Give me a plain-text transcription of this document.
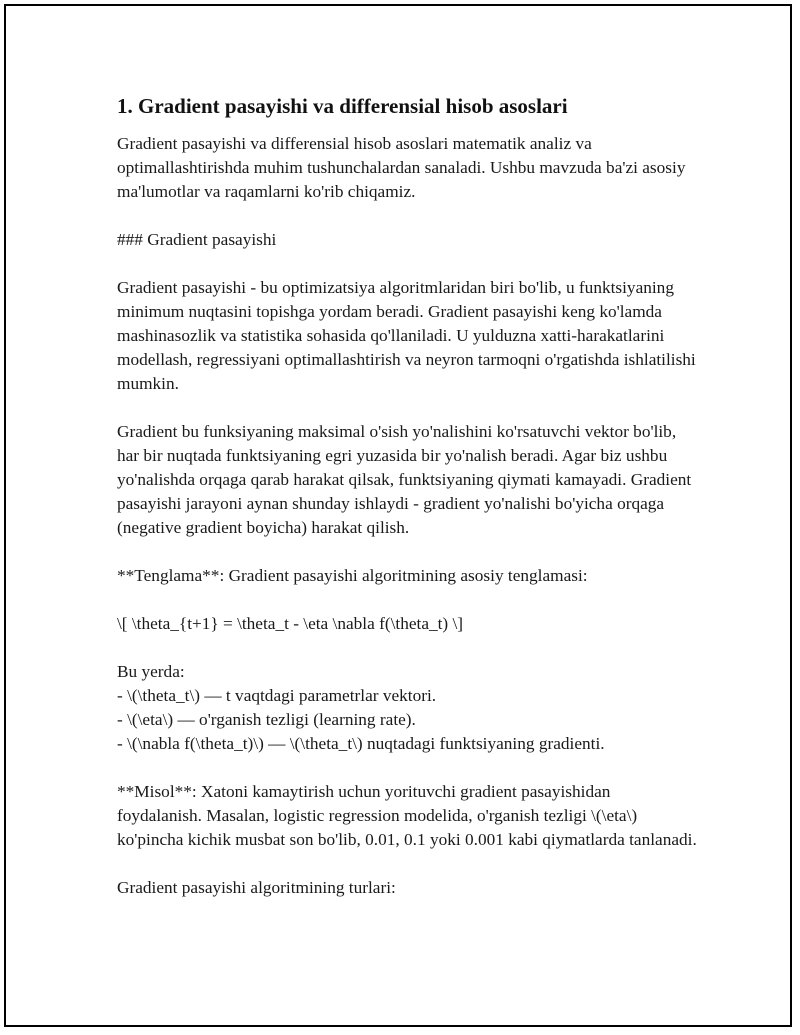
1. Gradient pasayishi va differensial hisob asoslari

Gradient pasayishi va differensial hisob asoslari matematik analiz va optimallashtirishda muhim tushunchalardan sanaladi. Ushbu mavzuda ba'zi asosiy ma'lumotlar va raqamlarni ko'rib chiqamiz.

### Gradient pasayishi

Gradient pasayishi - bu optimizatsiya algoritmlaridan biri bo'lib, u funktsiyaning minimum nuqtasini topishga yordam beradi. Gradient pasayishi keng ko'lamda mashinasozlik va statistika sohasida qo'llaniladi. U yulduzna xatti-harakatlarini modellash, regressiyani optimallashtirish va neyron tarmoqni o'rgatishda ishlatilishi mumkin.

Gradient bu funksiyaning maksimal o'sish yo'nalishini ko'rsatuvchi vektor bo'lib, har bir nuqtada funktsiyaning egri yuzasida bir yo'nalish beradi. Agar biz ushbu yo'nalishda orqaga qarab harakat qilsak, funktsiyaning qiymati kamayadi. Gradient pasayishi jarayoni aynan shunday ishlaydi - gradient yo'nalishi bo'yicha orqaga (negative gradient boyicha) harakat qilish.

**Tenglama**: Gradient pasayishi algoritmining asosiy tenglamasi:

\[ \theta_{t+1} = \theta_t - \eta \nabla f(\theta_t) \]

Bu yerda:
- \(\theta_t\) — t vaqtdagi parametrlar vektori.
- \(\eta\) — o'rganish tezligi (learning rate).
- \(\nabla f(\theta_t)\) — \(\theta_t\) nuqtadagi funktsiyaning gradienti.

**Misol**: Xatoni kamaytirish uchun yorituvchi gradient pasayishidan foydalanish. Masalan, logistic regression modelida, o'rganish tezligi \(\eta\) ko'pincha kichik musbat son bo'lib, 0.01, 0.1 yoki 0.001 kabi qiymatlarda tanlanadi.

Gradient pasayishi algoritmining turlari:
